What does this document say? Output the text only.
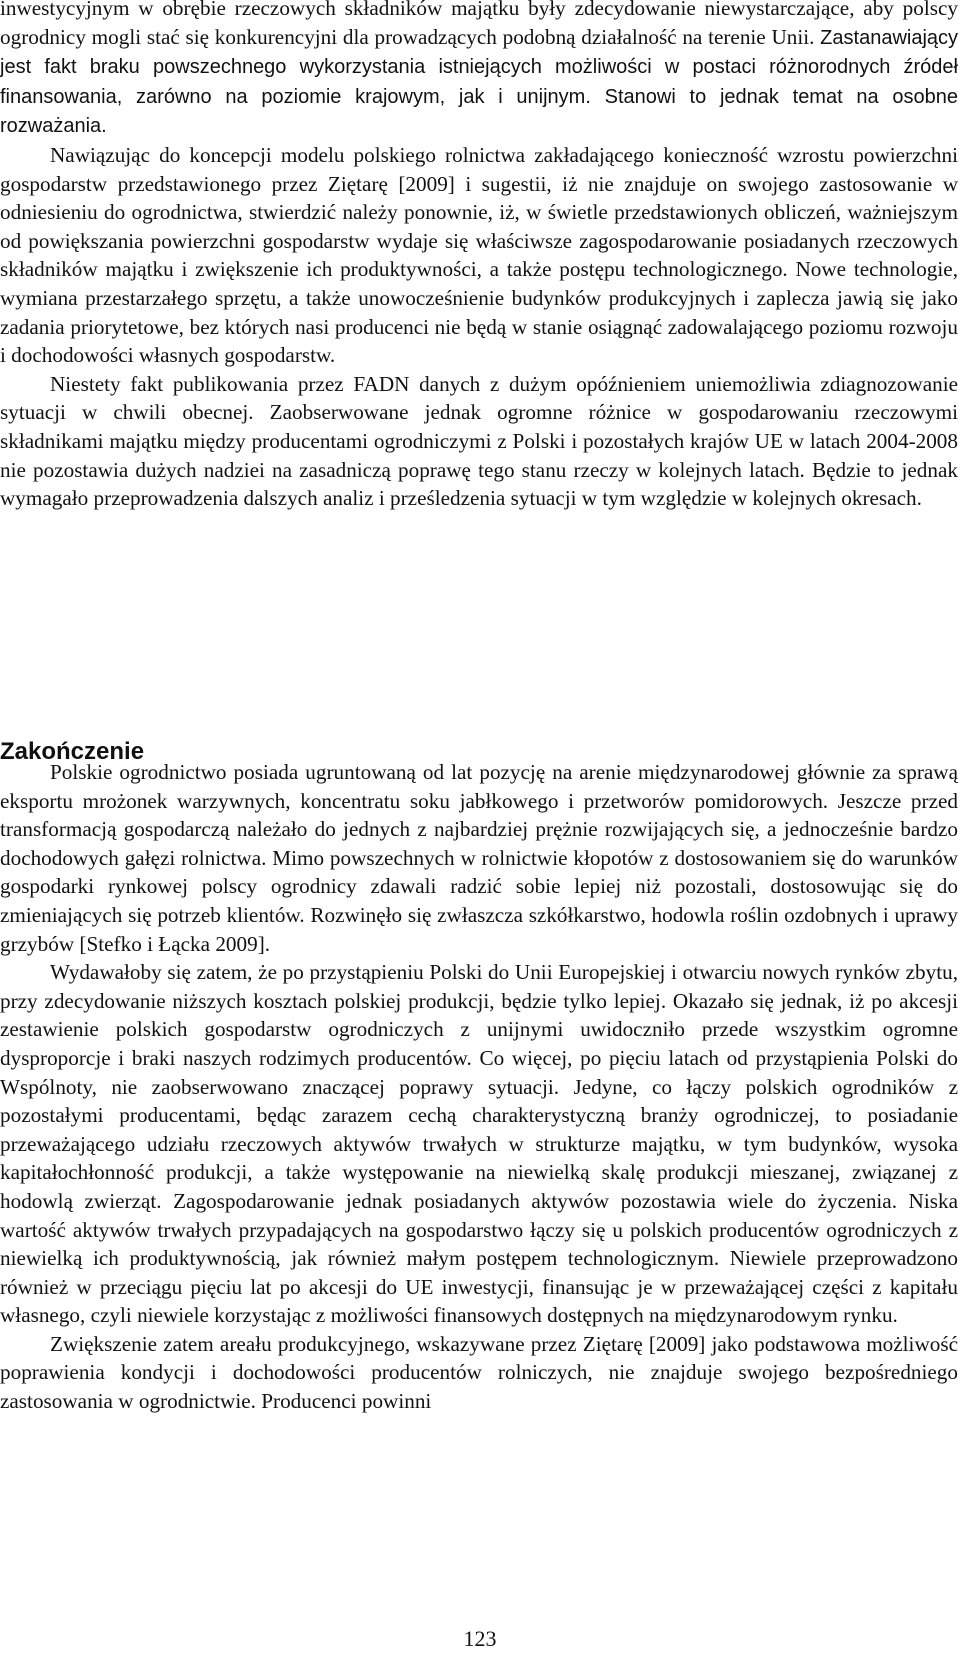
inwestycyjnym w obrębie rzeczowych składników majątku były zdecydowanie niewystarczające, aby polscy ogrodnicy mogli stać się konkurencyjni dla prowadzących podobną działalność na terenie Unii. Zastanawiający jest fakt braku powszechnego wykorzystania istniejących możliwości w postaci różnorodnych źródeł finansowania, zarówno na poziomie krajowym, jak i unijnym. Stanowi to jednak temat na osobne rozważania.

Nawiązując do koncepcji modelu polskiego rolnictwa zakładającego konieczność wzrostu powierzchni gospodarstw przedstawionego przez Ziętarę [2009] i sugestii, iż nie znajduje on swojego zastosowanie w odniesieniu do ogrodnictwa, stwierdzić należy ponownie, iż, w świetle przedstawionych obliczeń, ważniejszym od powiększania powierzchni gospodarstw wydaje się właściwsze zagospodarowanie posiadanych rzeczowych składników majątku i zwiększenie ich produktywności, a także postępu technologicznego. Nowe technologie, wymiana przestarzałego sprzętu, a także unowocześnienie budynków produkcyjnych i zaplecza jawią się jako zadania priorytetowe, bez których nasi producenci nie będą w stanie osiągnąć zadowalającego poziomu rozwoju i dochodowości własnych gospodarstw.

Niestety fakt publikowania przez FADN danych z dużym opóźnieniem uniemożliwia zdiagnozowanie sytuacji w chwili obecnej. Zaobserwowane jednak ogromne różnice w gospodarowaniu rzeczowymi składnikami majątku między producentami ogrodniczymi z Polski i pozostałych krajów UE w latach 2004-2008 nie pozostawia dużych nadziei na zasadniczą poprawę tego stanu rzeczy w kolejnych latach. Będzie to jednak wymagało przeprowadzenia dalszych analiz i prześledzenia sytuacji w tym względzie w kolejnych okresach.

Zakończenie

Polskie ogrodnictwo posiada ugruntowaną od lat pozycję na arenie międzynarodowej głównie za sprawą eksportu mrożonek warzywnych, koncentratu soku jabłkowego i przetworów pomidorowych. Jeszcze przed transformacją gospodarczą należało do jednych z najbardziej prężnie rozwijających się, a jednocześnie bardzo dochodowych gałęzi rolnictwa. Mimo powszechnych w rolnictwie kłopotów z dostosowaniem się do warunków gospodarki rynkowej polscy ogrodnicy zdawali radzić sobie lepiej niż pozostali, dostosowując się do zmieniających się potrzeb klientów. Rozwinęło się zwłaszcza szkółkarstwo, hodowla roślin ozdobnych i uprawy grzybów [Stefko i Łącka 2009].

Wydawałoby się zatem, że po przystąpieniu Polski do Unii Europejskiej i otwarciu nowych rynków zbytu, przy zdecydowanie niższych kosztach polskiej produkcji, będzie tylko lepiej. Okazało się jednak, iż po akcesji zestawienie polskich gospodarstw ogrodniczych z unijnymi uwidoczniło przede wszystkim ogromne dysproporcje i braki naszych rodzimych producentów. Co więcej, po pięciu latach od przystąpienia Polski do Wspólnoty, nie zaobserwowano znaczącej poprawy sytuacji. Jedyne, co łączy polskich ogrodników z pozostałymi producentami, będąc zarazem cechą charakterystyczną branży ogrodniczej, to posiadanie przeważającego udziału rzeczowych aktywów trwałych w strukturze majątku, w tym budynków, wysoka kapitałochłonność produkcji, a także występowanie na niewielką skalę produkcji mieszanej, związanej z hodowlą zwierząt. Zagospodarowanie jednak posiadanych aktywów pozostawia wiele do życzenia. Niska wartość aktywów trwałych przypadających na gospodarstwo łączy się u polskich producentów ogrodniczych z niewielką ich produktywnością, jak również małym postępem technologicznym. Niewiele przeprowadzono również w przeciągu pięciu lat po akcesji do UE inwestycji, finansując je w przeważającej części z kapitału własnego, czyli niewiele korzystając z możliwości finansowych dostępnych na międzynarodowym rynku.

Zwiększenie zatem areału produkcyjnego, wskazywane przez Ziętarę [2009] jako podstawowa możliwość poprawienia kondycji i dochodowości producentów rolniczych, nie znajduje swojego bezpośredniego zastosowania w ogrodnictwie. Producenci powinni

123
